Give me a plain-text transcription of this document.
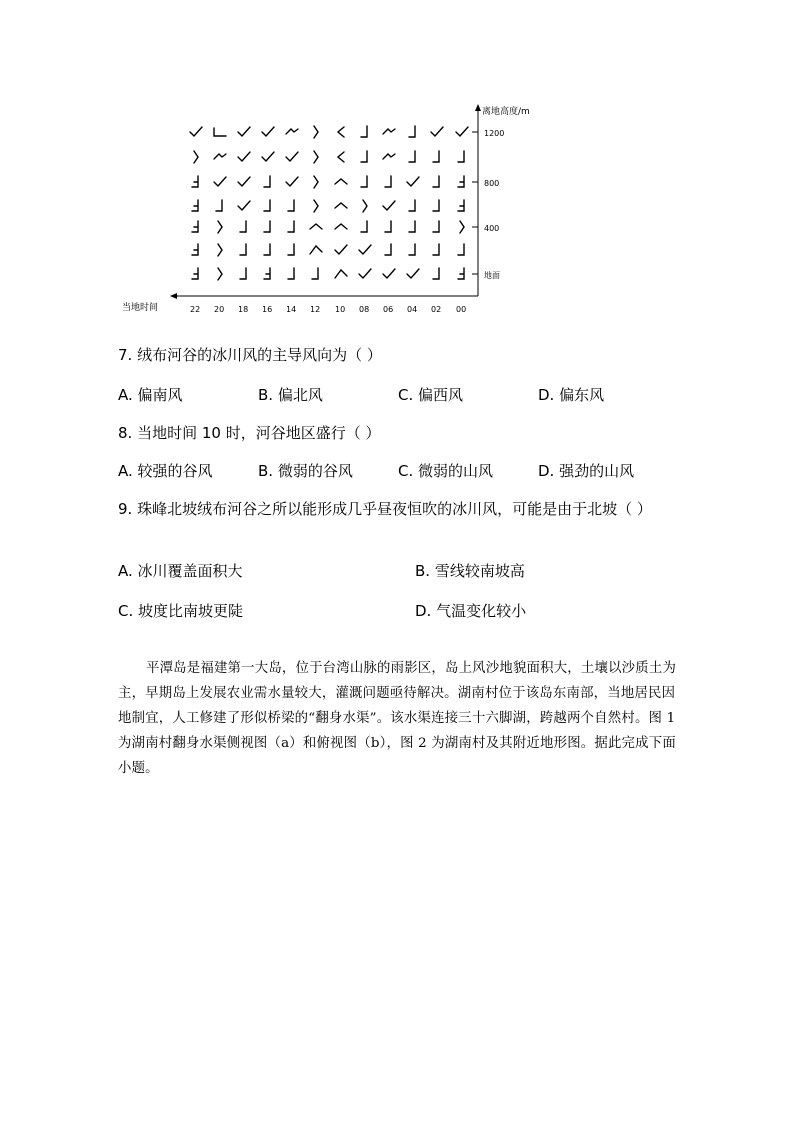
离地高度/m
1200
800
400
地面
当地时间	22 20 18 16 14 12 10 08 06 04 02 00
7. 绒布河谷的冰川风的主导风向为（ ）
A. 偏南风	B. 偏北风	C. 偏西风	D. 偏东风
8. 当地时间 10 时，河谷地区盛行（ ）
A. 较强的谷风	B. 微弱的谷风	C. 微弱的山风	D. 强劲的山风
9. 珠峰北坡绒布河谷之所以能形成几乎昼夜恒吹的冰川风，可能是由于北坡（ ）
A. 冰川覆盖面积大	B. 雪线较南坡高
C. 坡度比南坡更陡	D. 气温变化较小
平潭岛是福建第一大岛，位于台湾山脉的雨影区，岛上风沙地貌面积大，土壤以沙质土为主，早期岛上发展农业需水量较大，灌溉问题亟待解决。湖南村位于该岛东南部，当地居民因地制宜，人工修建了形似桥梁的“翻身水渠”。该水渠连接三十六脚湖，跨越两个自然村。图 1 为湖南村翻身水渠侧视图（a）和俯视图（b），图 2 为湖南村及其附近地形图。据此完成下面小题。
